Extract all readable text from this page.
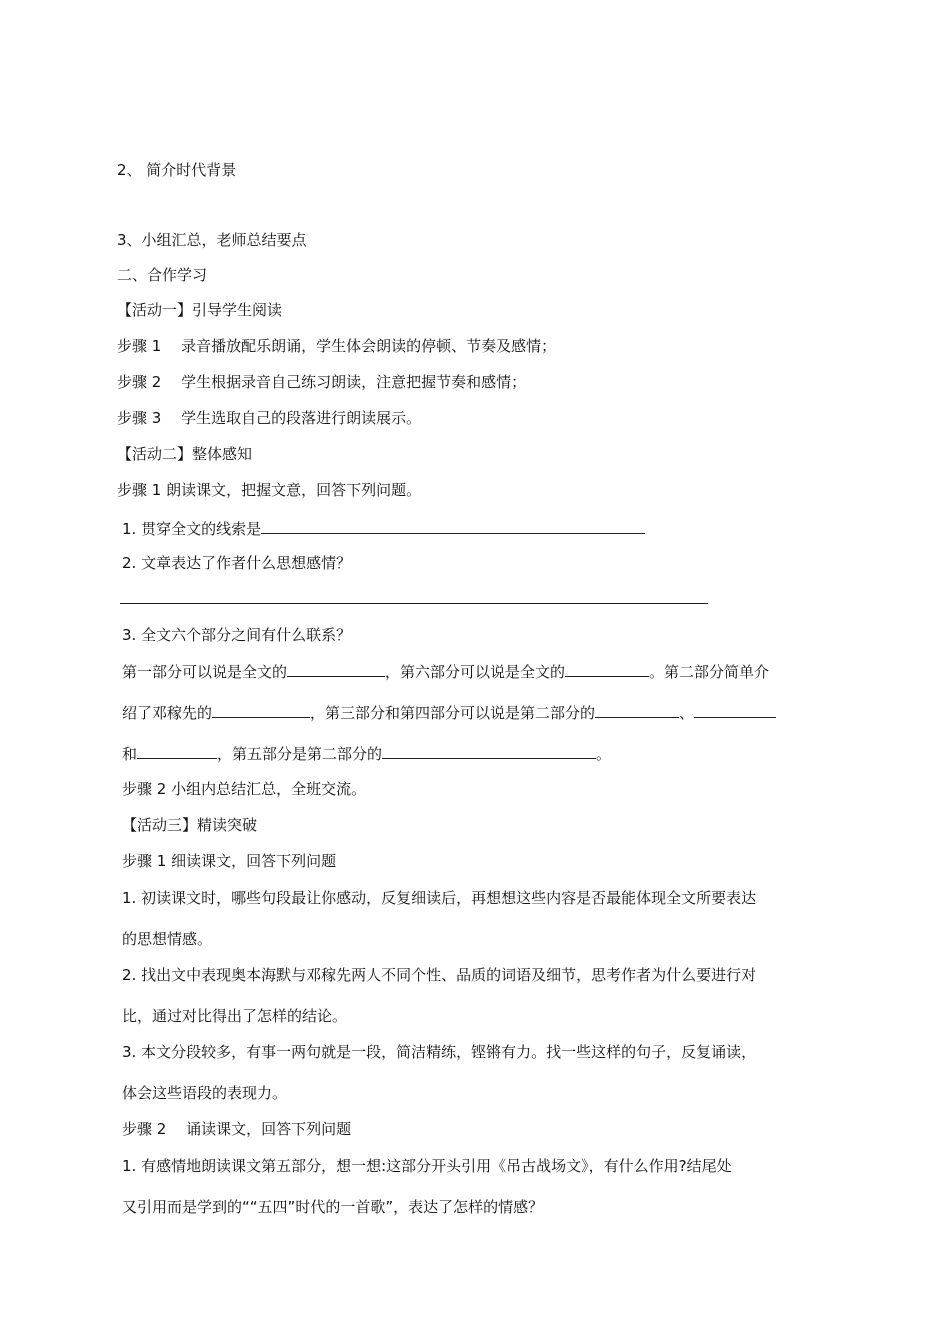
2、 简介时代背景
3、小组汇总，老师总结要点
二、合作学习
【活动一】引导学生阅读
步骤 1　 录音播放配乐朗诵，学生体会朗读的停顿、节奏及感情；
步骤 2　 学生根据录音自己练习朗读，注意把握节奏和感情；
步骤 3　 学生选取自己的段落进行朗读展示。
【活动二】整体感知
步骤 1 朗读课文，把握文意，回答下列问题。
1. 贯穿全文的线索是
2. 文章表达了作者什么思想感情？
3. 全文六个部分之间有什么联系？
第一部分可以说是全文的	，第六部分可以说是全文的	。第二部分简单介
绍了邓稼先的	，第三部分和第四部分可以说是第二部分的	、
和	，第五部分是第二部分的	。
步骤 2 小组内总结汇总，全班交流。
【活动三】精读突破
步骤 1 细读课文，回答下列问题
1. 初读课文时，哪些句段最让你感动，反复细读后，再想想这些内容是否最能体现全文所要表达
的思想情感。
2. 找出文中表现奥本海默与邓稼先两人不同个性、品质的词语及细节，思考作者为什么要进行对
比，通过对比得出了怎样的结论。
3. 本文分段较多，有事一两句就是一段，简洁精练，铿锵有力。找一些这样的句子，反复诵读，
体会这些语段的表现力。
步骤 2　 诵读课文，回答下列问题
1. 有感情地朗读课文第五部分，想一想:这部分开头引用《吊古战场文》，有什么作用?结尾处
又引用而是学到的““五四”时代的一首歌”，表达了怎样的情感？
